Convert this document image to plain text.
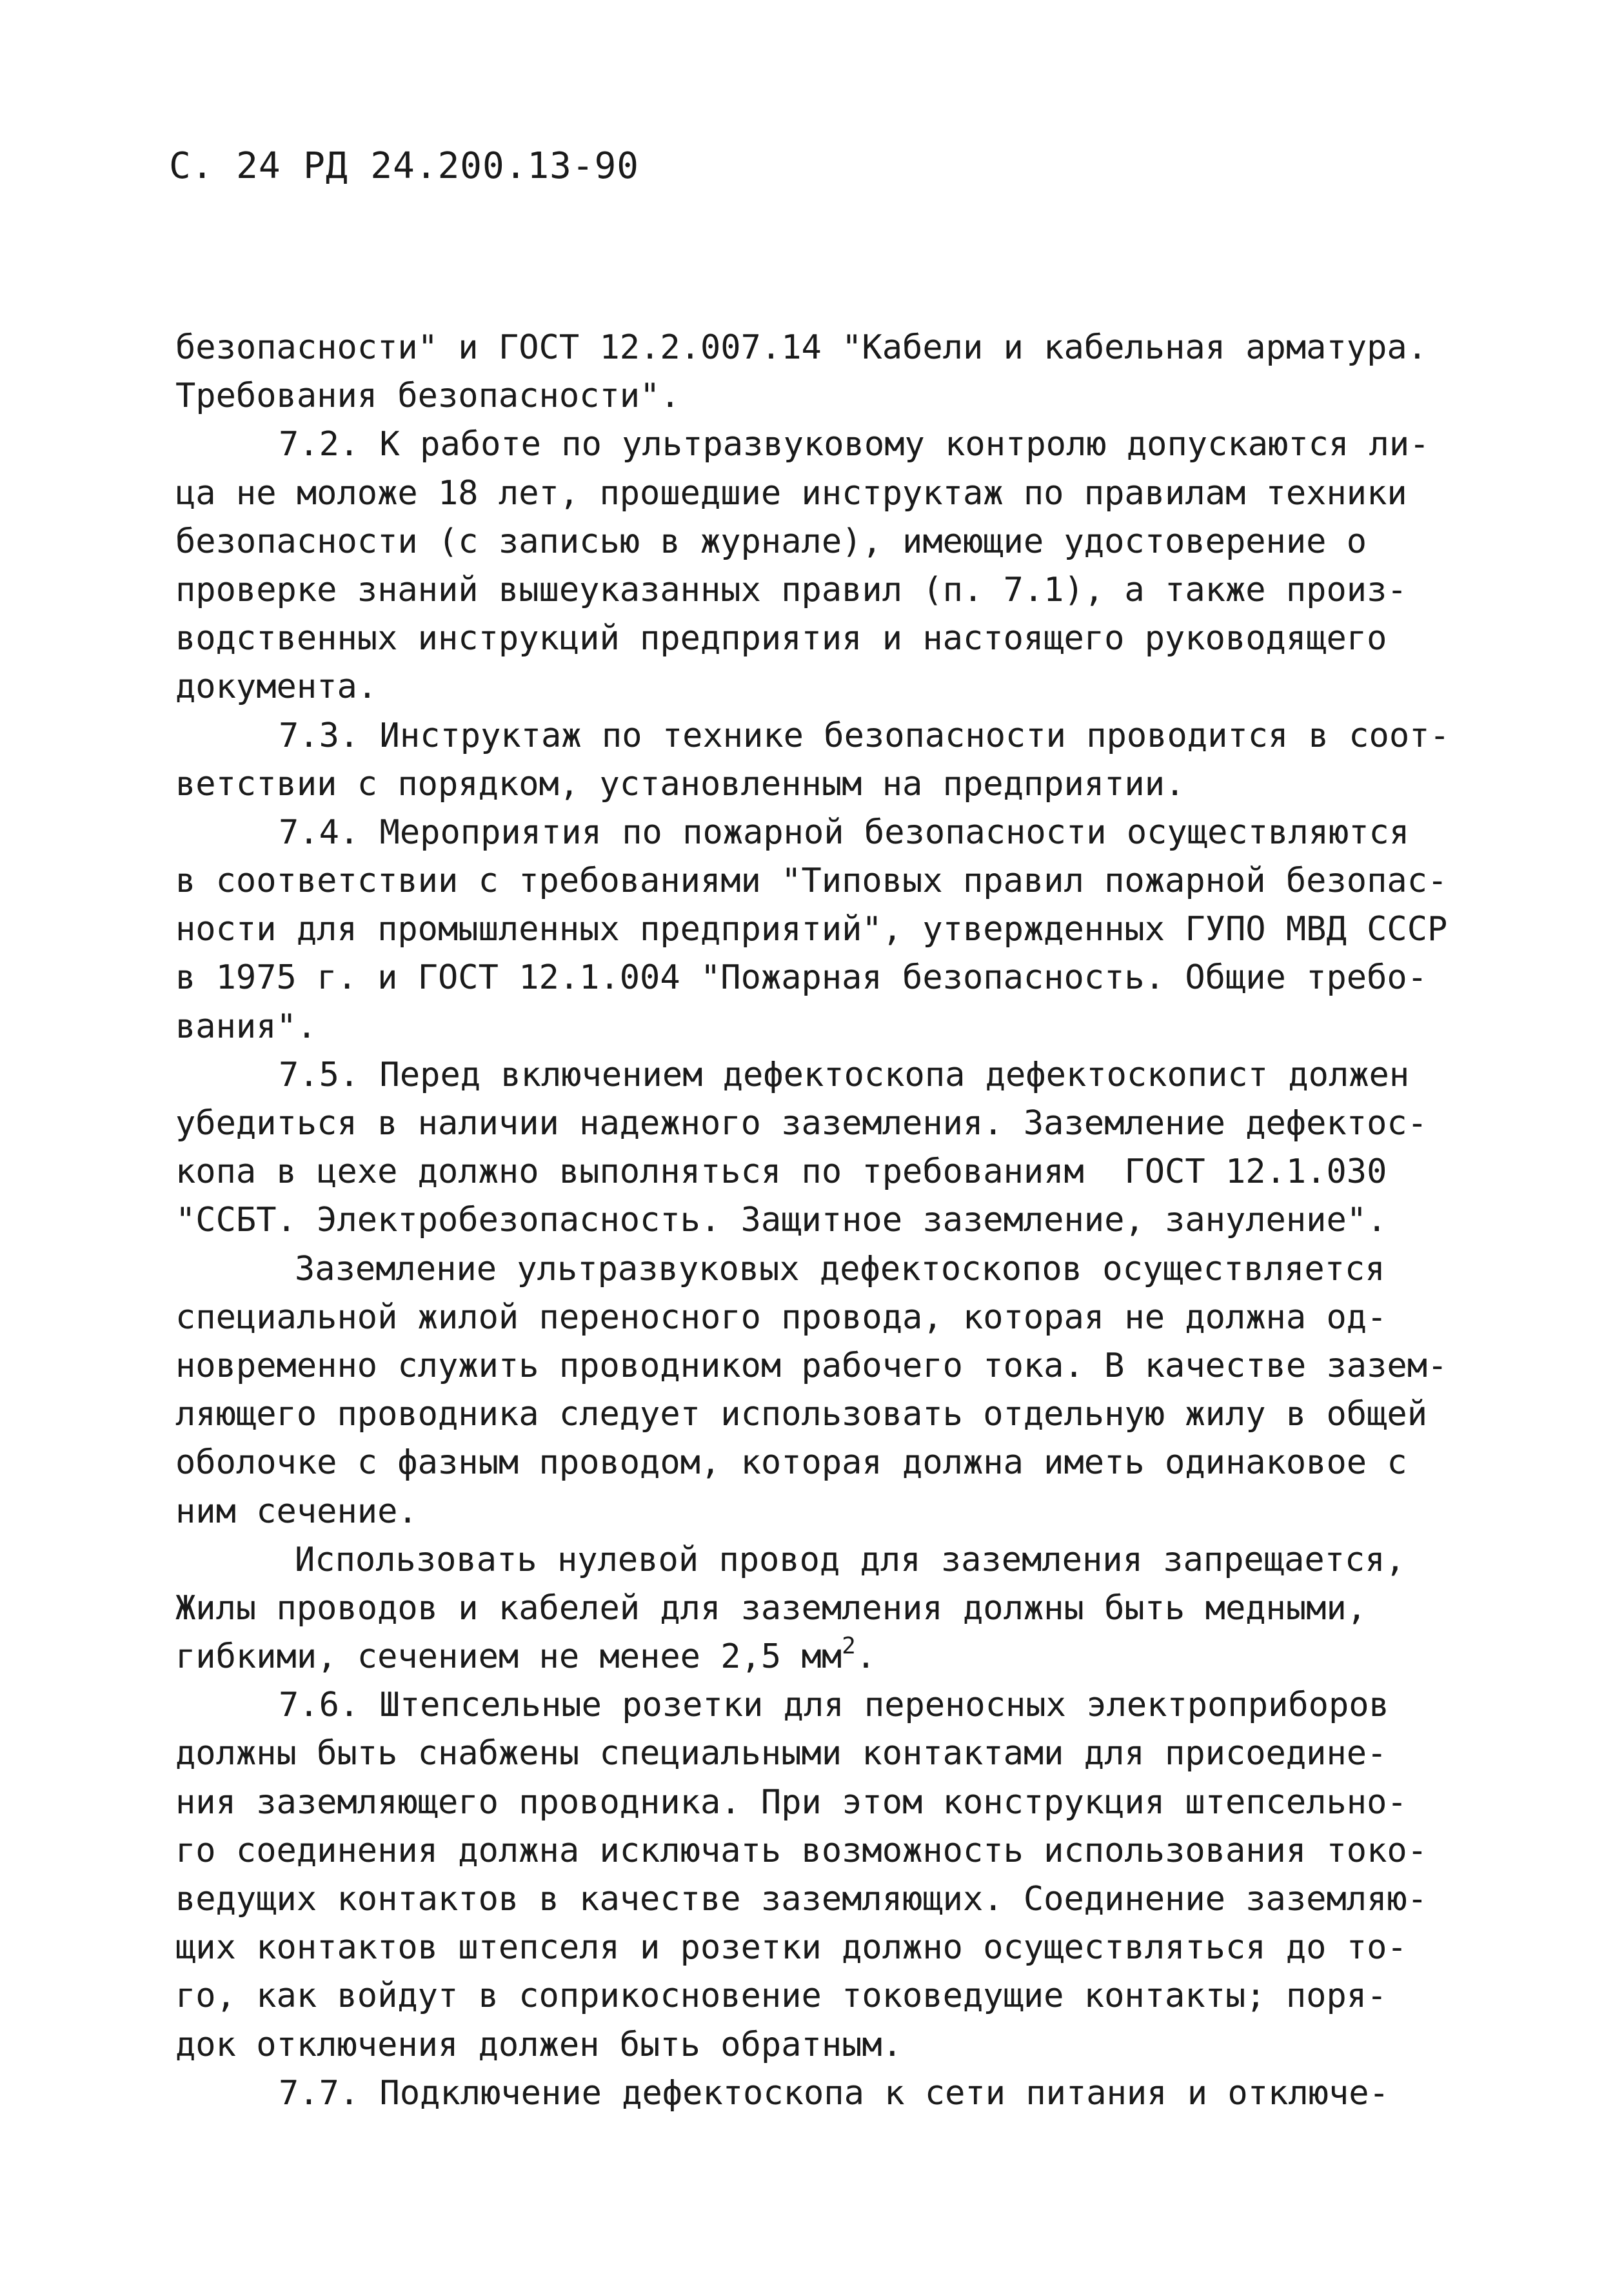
С. 24 РД 24.200.13-90
безопасности" и ГОСТ 12.2.007.14 "Кабели и кабельная арматура.
Требования безопасности".
7.2. К работе по ультразвуковому контролю допускаются ли-
ца не моложе 18 лет, прошедшие инструктаж по правилам техники
безопасности (с записью в журнале), имеющие удостоверение о
проверке знаний вышеуказанных правил (п. 7.1), а также произ-
водственных инструкций предприятия и настоящего руководящего
документа.
7.3. Инструктаж по технике безопасности проводится в соот-
ветствии с порядком, установленным на предприятии.
7.4. Мероприятия по пожарной безопасности осуществляются
в соответствии с требованиями "Типовых правил пожарной безопас-
ности для промышленных предприятий", утвержденных ГУПО МВД СССР
в 1975 г. и ГОСТ 12.1.004 "Пожарная безопасность. Общие требо-
вания".
7.5. Перед включением дефектоскопа дефектоскопист должен
убедиться в наличии надежного заземления. Заземление дефектос-
копа в цехе должно выполняться по требованиям  ГОСТ 12.1.030
"ССБТ. Электробезопасность. Защитное заземление, зануление".
Заземление ультразвуковых дефектоскопов осуществляется
специальной жилой переносного провода, которая не должна од-
новременно служить проводником рабочего тока. В качестве зазем-
ляющего проводника следует использовать отдельную жилу в общей
оболочке с фазным проводом, которая должна иметь одинаковое с
ним сечение.
Использовать нулевой провод для заземления запрещается,
Жилы проводов и кабелей для заземления должны быть медными,
гибкими, сечением не менее 2,5 $мм^2$.
7.6. Штепсельные розетки для переносных электроприборов
должны быть снабжены специальными контактами для присоедине-
ния заземляющего проводника. При этом конструкция штепсельно-
го соединения должна исключать возможность использования токо-
ведущих контактов в качестве заземляющих. Соединение заземляю-
щих контактов штепселя и розетки должно осуществляться до то-
го, как войдут в соприкосновение токоведущие контакты; поря-
док отключения должен быть обратным.
7.7. Подключение дефектоскопа к сети питания и отключе-
